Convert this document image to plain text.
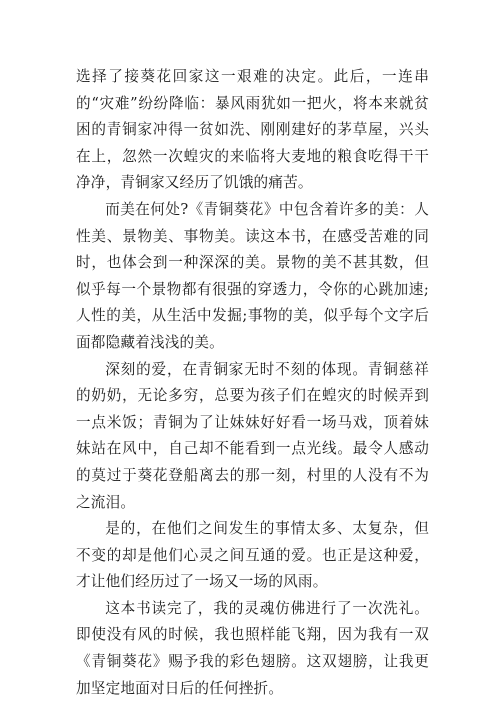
选择了接葵花回家这一艰难的决定。此后，一连串的“灾难”纷纷降临：暴风雨犹如一把火，将本来就贫困的青铜家冲得一贫如洗、刚刚建好的茅草屋，兴头在上，忽然一次蝗灾的来临将大麦地的粮食吃得干干净净，青铜家又经历了饥饿的痛苦。

而美在何处?《青铜葵花》中包含着许多的美：人性美、景物美、事物美。读这本书，在感受苦难的同时，也体会到一种深深的美。景物的美不甚其数，但似乎每一个景物都有很强的穿透力，令你的心跳加速;人性的美，从生活中发掘;事物的美，似乎每个文字后面都隐藏着浅浅的美。

深刻的爱，在青铜家无时不刻的体现。青铜慈祥的奶奶，无论多穷，总要为孩子们在蝗灾的时候弄到一点米饭；青铜为了让妹妹好好看一场马戏，顶着妹妹站在风中，自己却不能看到一点光线。最令人感动的莫过于葵花登船离去的那一刻，村里的人没有不为之流泪。

是的，在他们之间发生的事情太多、太复杂，但不变的却是他们心灵之间互通的爱。也正是这种爱，才让他们经历过了一场又一场的风雨。

这本书读完了，我的灵魂仿佛进行了一次洗礼。即使没有风的时候，我也照样能飞翔，因为我有一双《青铜葵花》赐予我的彩色翅膀。这双翅膀，让我更加坚定地面对日后的任何挫折。
